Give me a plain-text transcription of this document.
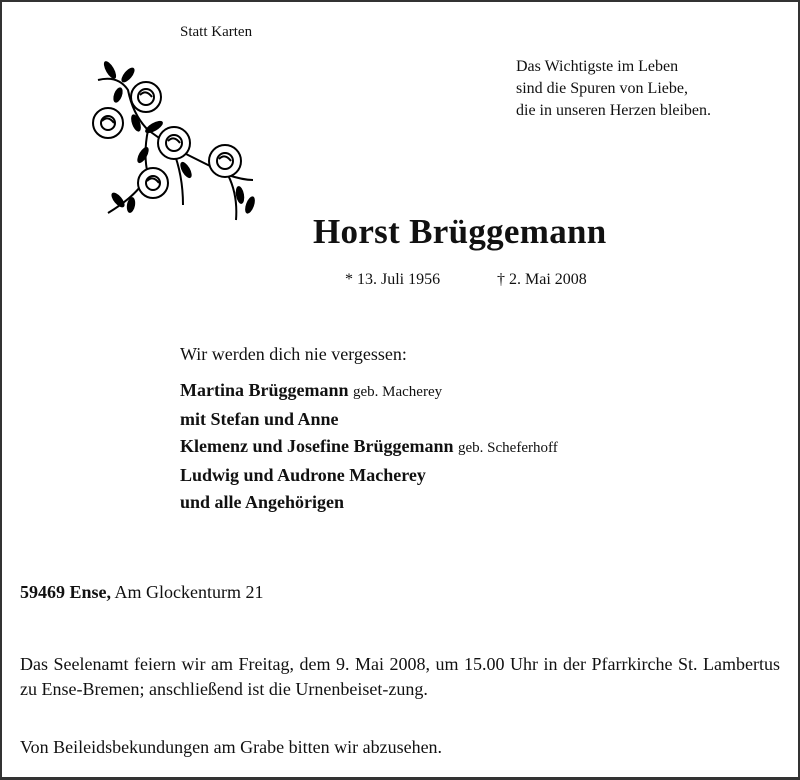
Statt Karten
Das Wichtigste im Leben
sind die Spuren von Liebe,
die in unseren Herzen bleiben.
Horst Brüggemann
* 13. Juli 1956	† 2. Mai 2008
Wir werden dich nie vergessen:
Martina Brüggemann geb. Macherey
mit Stefan und Anne
Klemenz und Josefine Brüggemann geb. Scheferhoff
Ludwig und Audrone Macherey
und alle Angehörigen
59469 Ense, Am Glockenturm 21
Das Seelenamt feiern wir am Freitag, dem 9. Mai 2008, um 15.00 Uhr in der Pfarrkirche St. Lambertus zu Ense-Bremen; anschließend ist die Urnenbeiset-zung.
Von Beileidsbekundungen am Grabe bitten wir abzusehen.
